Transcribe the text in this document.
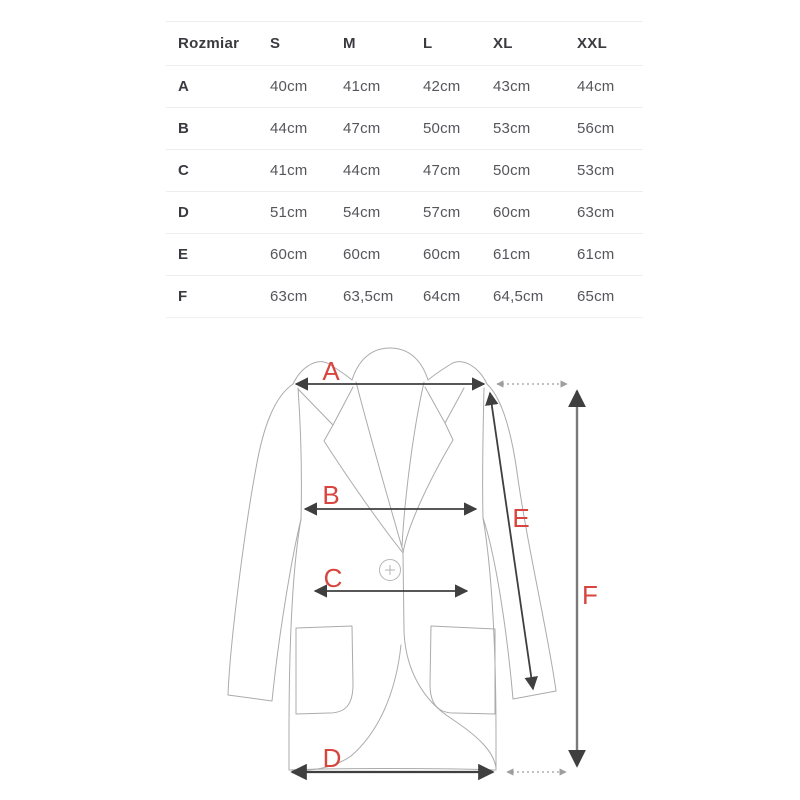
Rozmiar	S	M	L	XL	XXL
A	40cm	41cm	42cm	43cm	44cm
B	44cm	47cm	50cm	53cm	56cm
C	41cm	44cm	47cm	50cm	53cm
D	51cm	54cm	57cm	60cm	63cm
E	60cm	60cm	60cm	61cm	61cm
F	63cm	63,5cm	64cm	64,5cm	65cm
A
B
C
D
E
F
